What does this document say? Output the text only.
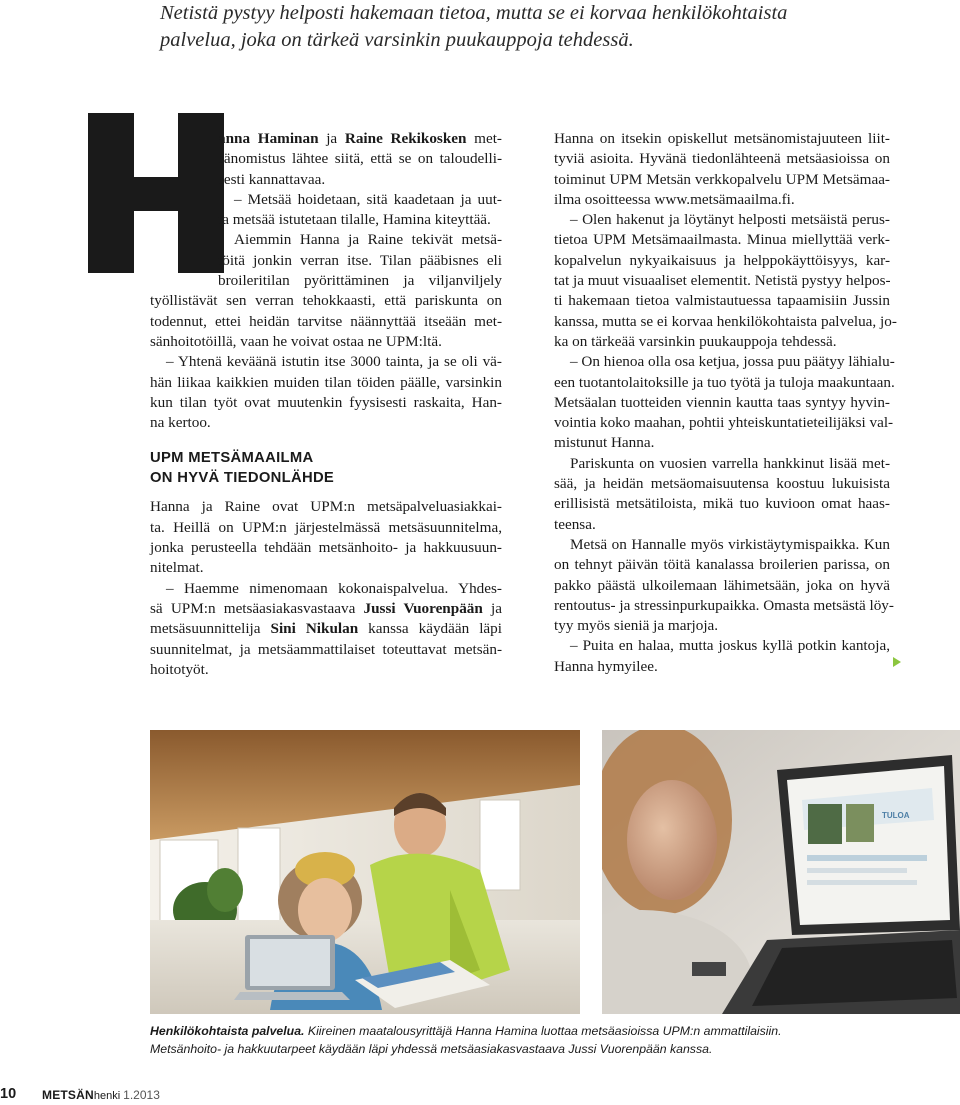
Netistä pystyy helposti hakemaan tietoa, mutta se ei korvaa henkilökohtaista
palvelua, joka on tärkeä varsinkin puukauppoja tehdessä.
anna Haminan ja Raine Rekikosken met-
sänomistus lähtee siitä, että se on taloudelli-
sesti kannattavaa.
– Metsää hoidetaan, sitä kaadetaan ja uut-
ta metsää istutetaan tilalle, Hamina kiteyttää.
Aiemmin Hanna ja Raine tekivät metsä-
töitä jonkin verran itse. Tilan pääbisnes eli
broileritilan pyörittäminen ja viljanviljely
työllistävät sen verran tehokkaasti, että pariskunta on
todennut, ettei heidän tarvitse näännyttää itseään met-
sänhoitotöillä, vaan he voivat ostaa ne UPM:ltä.
– Yhtenä keväänä istutin itse 3000 tainta, ja se oli vä-
hän liikaa kaikkien muiden tilan töiden päälle, varsinkin
kun tilan työt ovat muutenkin fyysisesti raskaita, Han-
na kertoo.
UPM METSÄMAAILMA
ON HYVÄ TIEDONLÄHDE
Hanna ja Raine ovat UPM:n metsäpalveluasiakkai-
ta. Heillä on UPM:n järjestelmässä metsäsuunnitelma,
jonka perusteella tehdään metsänhoito- ja hakkuusuun-
nitelmat.
– Haemme nimenomaan kokonaispalvelua. Yhdes-
sä UPM:n metsäasiakasvastaava Jussi Vuorenpään ja
metsäsuunnittelija Sini Nikulan kanssa käydään läpi
suunnitelmat, ja metsäammattilaiset toteuttavat metsän-
hoitotyöt.
Hanna on itsekin opiskellut metsänomistajuuteen liit-
tyviä asioita. Hyvänä tiedonlähteenä metsäasioissa on
toiminut UPM Metsän verkkopalvelu UPM Metsämaa-
ilma osoitteessa www.metsämaailma.fi.
– Olen hakenut ja löytänyt helposti metsäistä perus-
tietoa UPM Metsämaailmasta. Minua miellyttää verk-
kopalvelun nykyaikaisuus ja helppokäyttöisyys, kar-
tat ja muut visuaaliset elementit. Netistä pystyy helpos-
ti hakemaan tietoa valmistautuessa tapaamisiin Jussin
kanssa, mutta se ei korvaa henkilökohtaista palvelua, jo-
ka on tärkeää varsinkin puukauppoja tehdessä.
– On hienoa olla osa ketjua, jossa puu päätyy lähialu-
een tuotantolaitoksille ja tuo työtä ja tuloja maakuntaan.
Metsäalan tuotteiden viennin kautta taas syntyy hyvin-
vointia koko maahan, pohtii yhteiskuntatieteilijäksi val-
mistunut Hanna.
Pariskunta on vuosien varrella hankkinut lisää met-
sää, ja heidän metsäomaisuutensa koostuu lukuisista
erillisistä metsätiloista, mikä tuo kuvioon omat haas-
teensa.
Metsä on Hannalle myös virkistäytymispaikka. Kun
on tehnyt päivän töitä kanalassa broilerien parissa, on
pakko päästä ulkoilemaan lähimetsään, joka on hyvä
rentoutus- ja stressinpurkupaikka. Omasta metsästä löy-
tyy myös sieniä ja marjoja.
– Puita en halaa, mutta joskus kyllä potkin kantoja,
Hanna hymyilee.
TULOA
Henkilökohtaista palvelua. Kiireinen maatalousyrittäjä Hanna Hamina luottaa metsäasioissa UPM:n ammattilaisiin.
Metsänhoito- ja hakkuutarpeet käydään läpi yhdessä metsäasiakasvastaava Jussi Vuorenpään kanssa.
10 METSÄNhenki 1.2013
